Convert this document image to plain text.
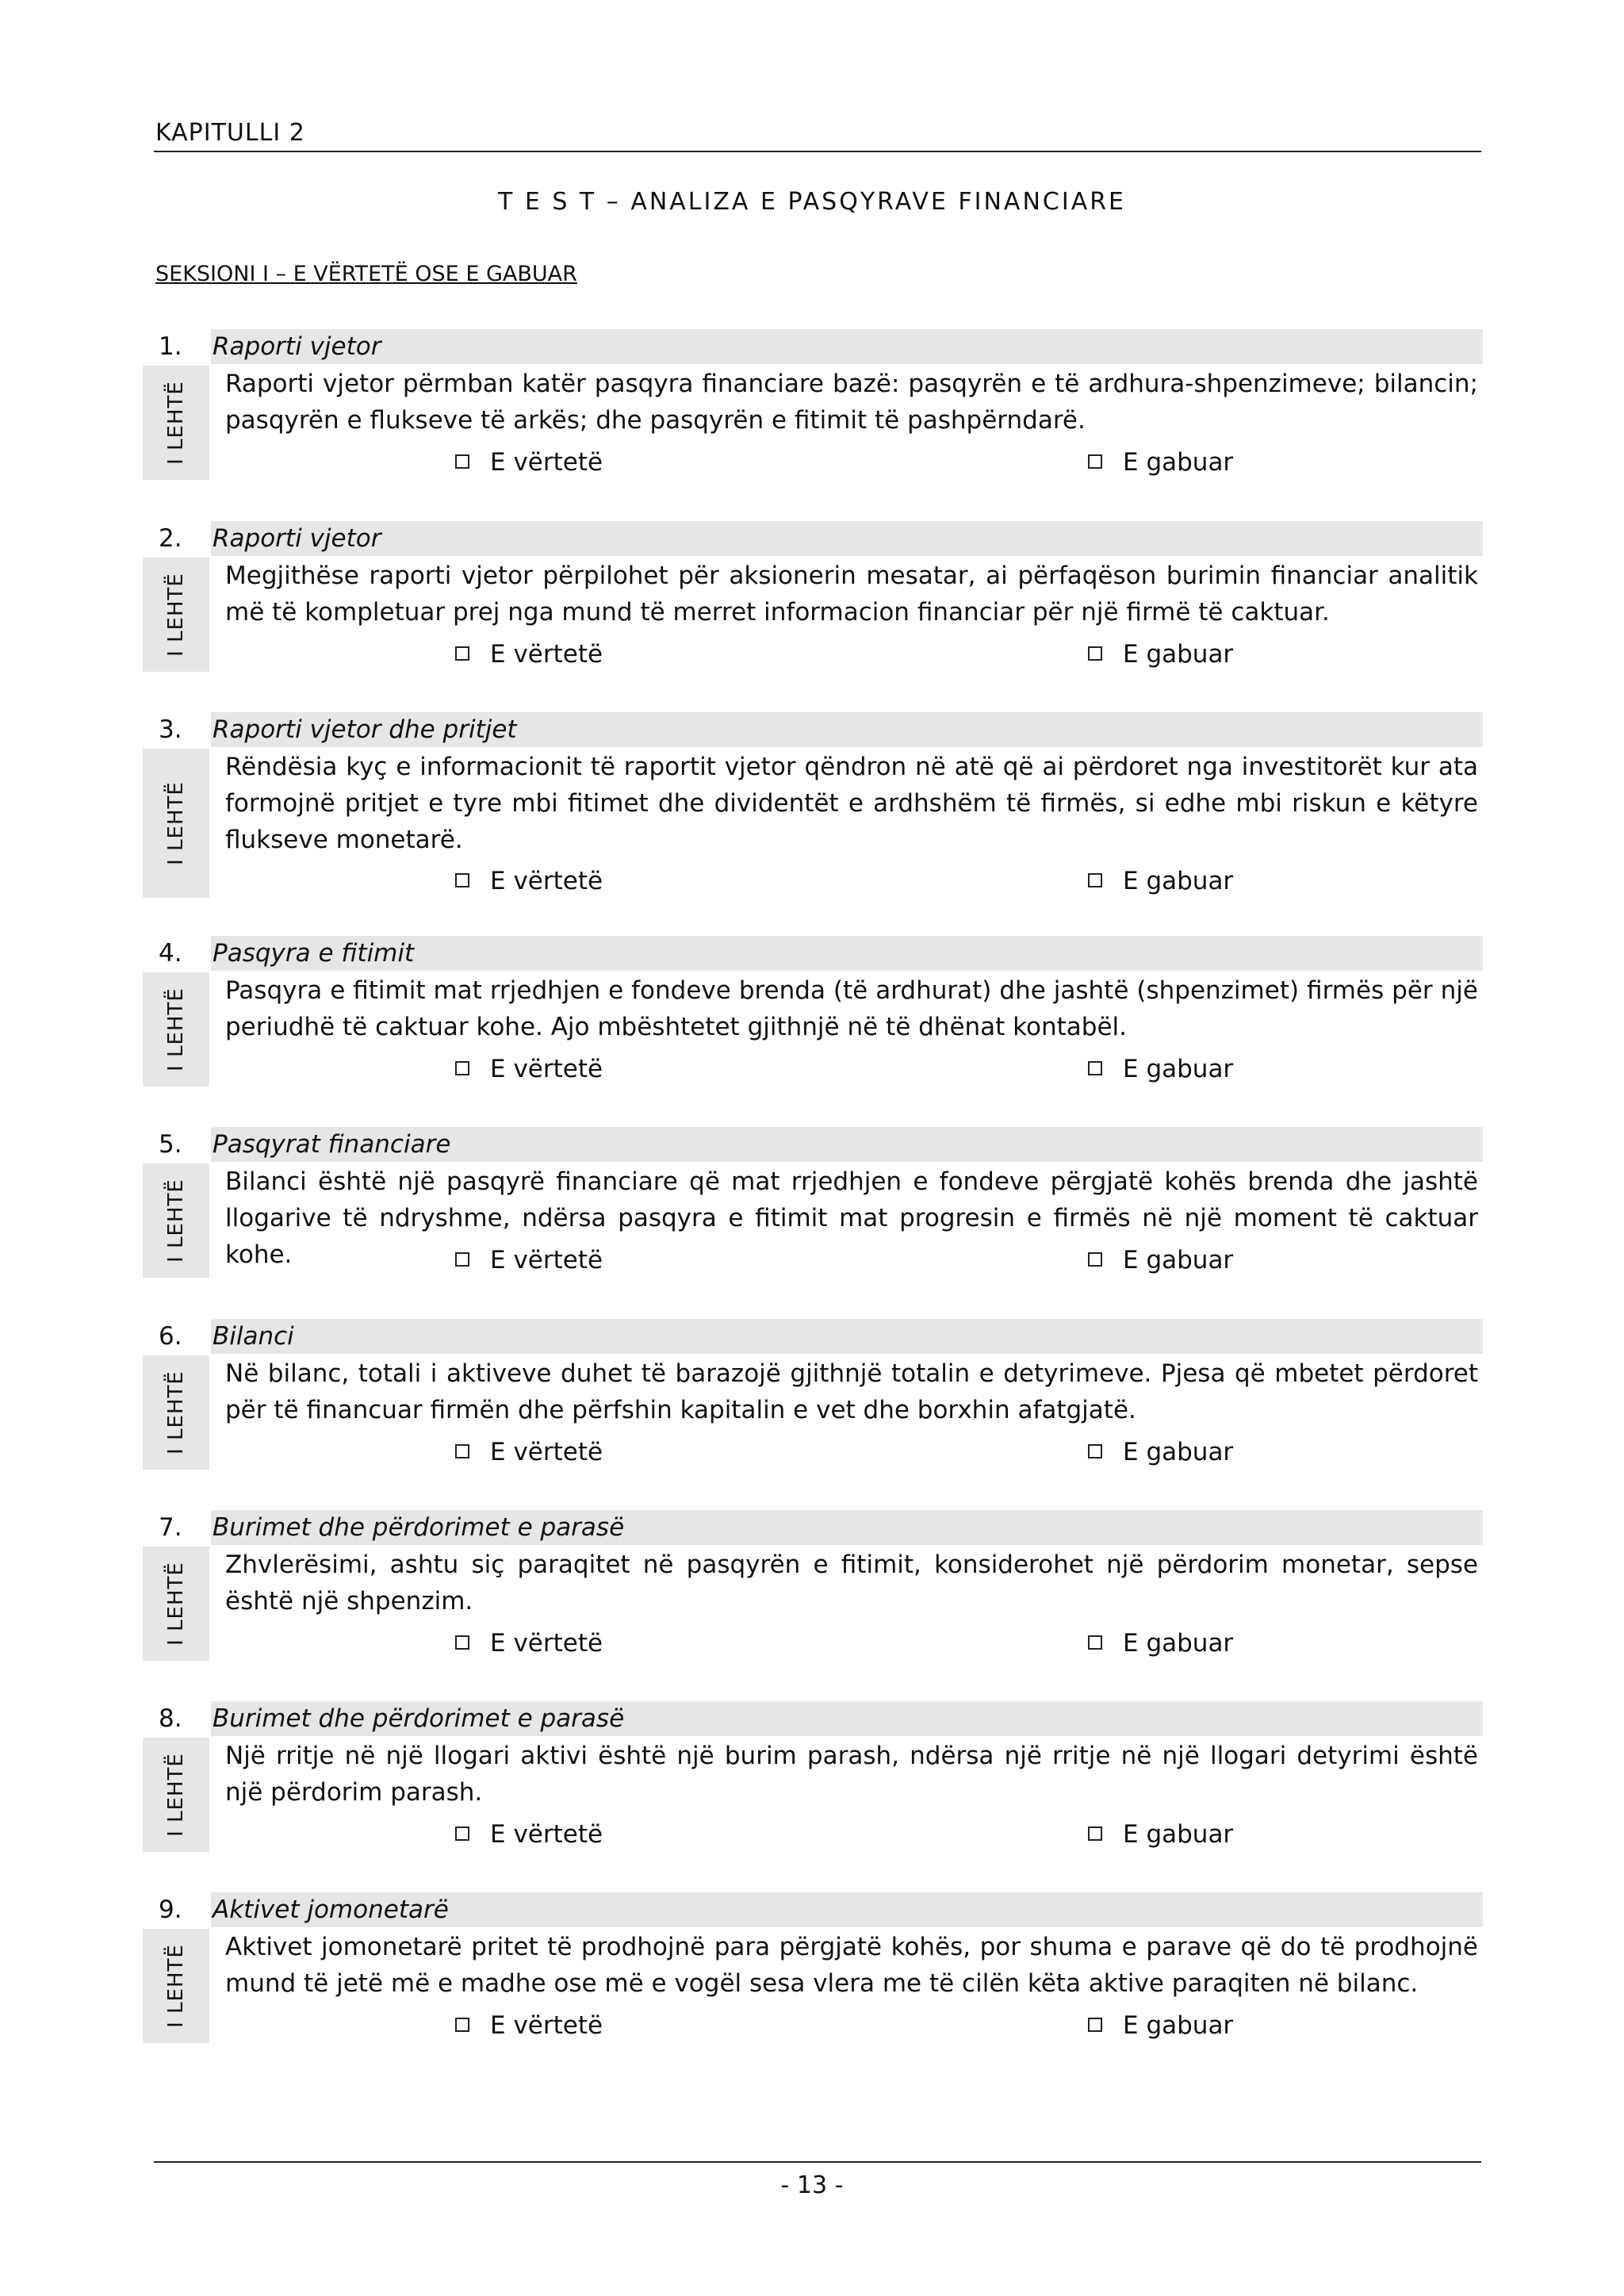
KAPITULLI 2
T E S T – ANALIZA E PASQYRAVE FINANCIARE
SEKSIONI I – E VËRTETË OSE E GABUAR
1. Raporti vjetor
I LEHTË Raporti vjetor përmban katër pasqyra financiare bazë: pasqyrën e të ardhura-shpenzimeve; bilancin; pasqyrën e flukseve të arkës; dhe pasqyrën e fitimit të pashpërndarë.
E vërtetë	E gabuar
2. Raporti vjetor
I LEHTË Megjithëse raporti vjetor përpilohet për aksionerin mesatar, ai përfaqëson burimin financiar analitik më të kompletuar prej nga mund të merret informacion financiar për një firmë të caktuar.
E vërtetë	E gabuar
3. Raporti vjetor dhe pritjet
I LEHTË
Rëndësia kyç e informacionit të raportit vjetor qëndron në atë që ai përdoret nga investitorët kur ata formojnë pritjet e tyre mbi fitimet dhe dividentët e ardhshëm të firmës, si edhe mbi riskun e këtyre flukseve monetarë.
E vërtetë	E gabuar
4. Pasqyra e fitimit
I LEHTË Pasqyra e fitimit mat rrjedhjen e fondeve brenda (të ardhurat) dhe jashtë (shpenzimet) firmës për një periudhë të caktuar kohe. Ajo mbështetet gjithnjë në të dhënat kontabël.
E vërtetë	E gabuar
5. Pasqyrat financiare
I LEHTË Bilanci është një pasqyrë financiare që mat rrjedhjen e fondeve përgjatë kohës brenda dhe jashtë llogarive të ndryshme, ndërsa pasqyra e fitimit mat progresin e firmës në një moment të caktuar kohe.	E vërtetë	E gabuar
6. Bilanci
I LEHTË Në bilanc, totali i aktiveve duhet të barazojë gjithnjë totalin e detyrimeve. Pjesa që mbetet përdoret për të financuar firmën dhe përfshin kapitalin e vet dhe borxhin afatgjatë.
E vërtetë	E gabuar
7. Burimet dhe përdorimet e parasë
I LEHTË Zhvlerësimi, ashtu siç paraqitet në pasqyrën e fitimit, konsiderohet një përdorim monetar, sepse është një shpenzim.
E vërtetë	E gabuar
8. Burimet dhe përdorimet e parasë
I LEHTË Një rritje në një llogari aktivi është një burim parash, ndërsa një rritje në një llogari detyrimi është një përdorim parash.
E vërtetë	E gabuar
9. Aktivet jomonetarë
I LEHTË Aktivet jomonetarë pritet të prodhojnë para përgjatë kohës, por shuma e parave që do të prodhojnë mund të jetë më e madhe ose më e vogël sesa vlera me të cilën këta aktive paraqiten në bilanc.
E vërtetë	E gabuar
- 13 -
